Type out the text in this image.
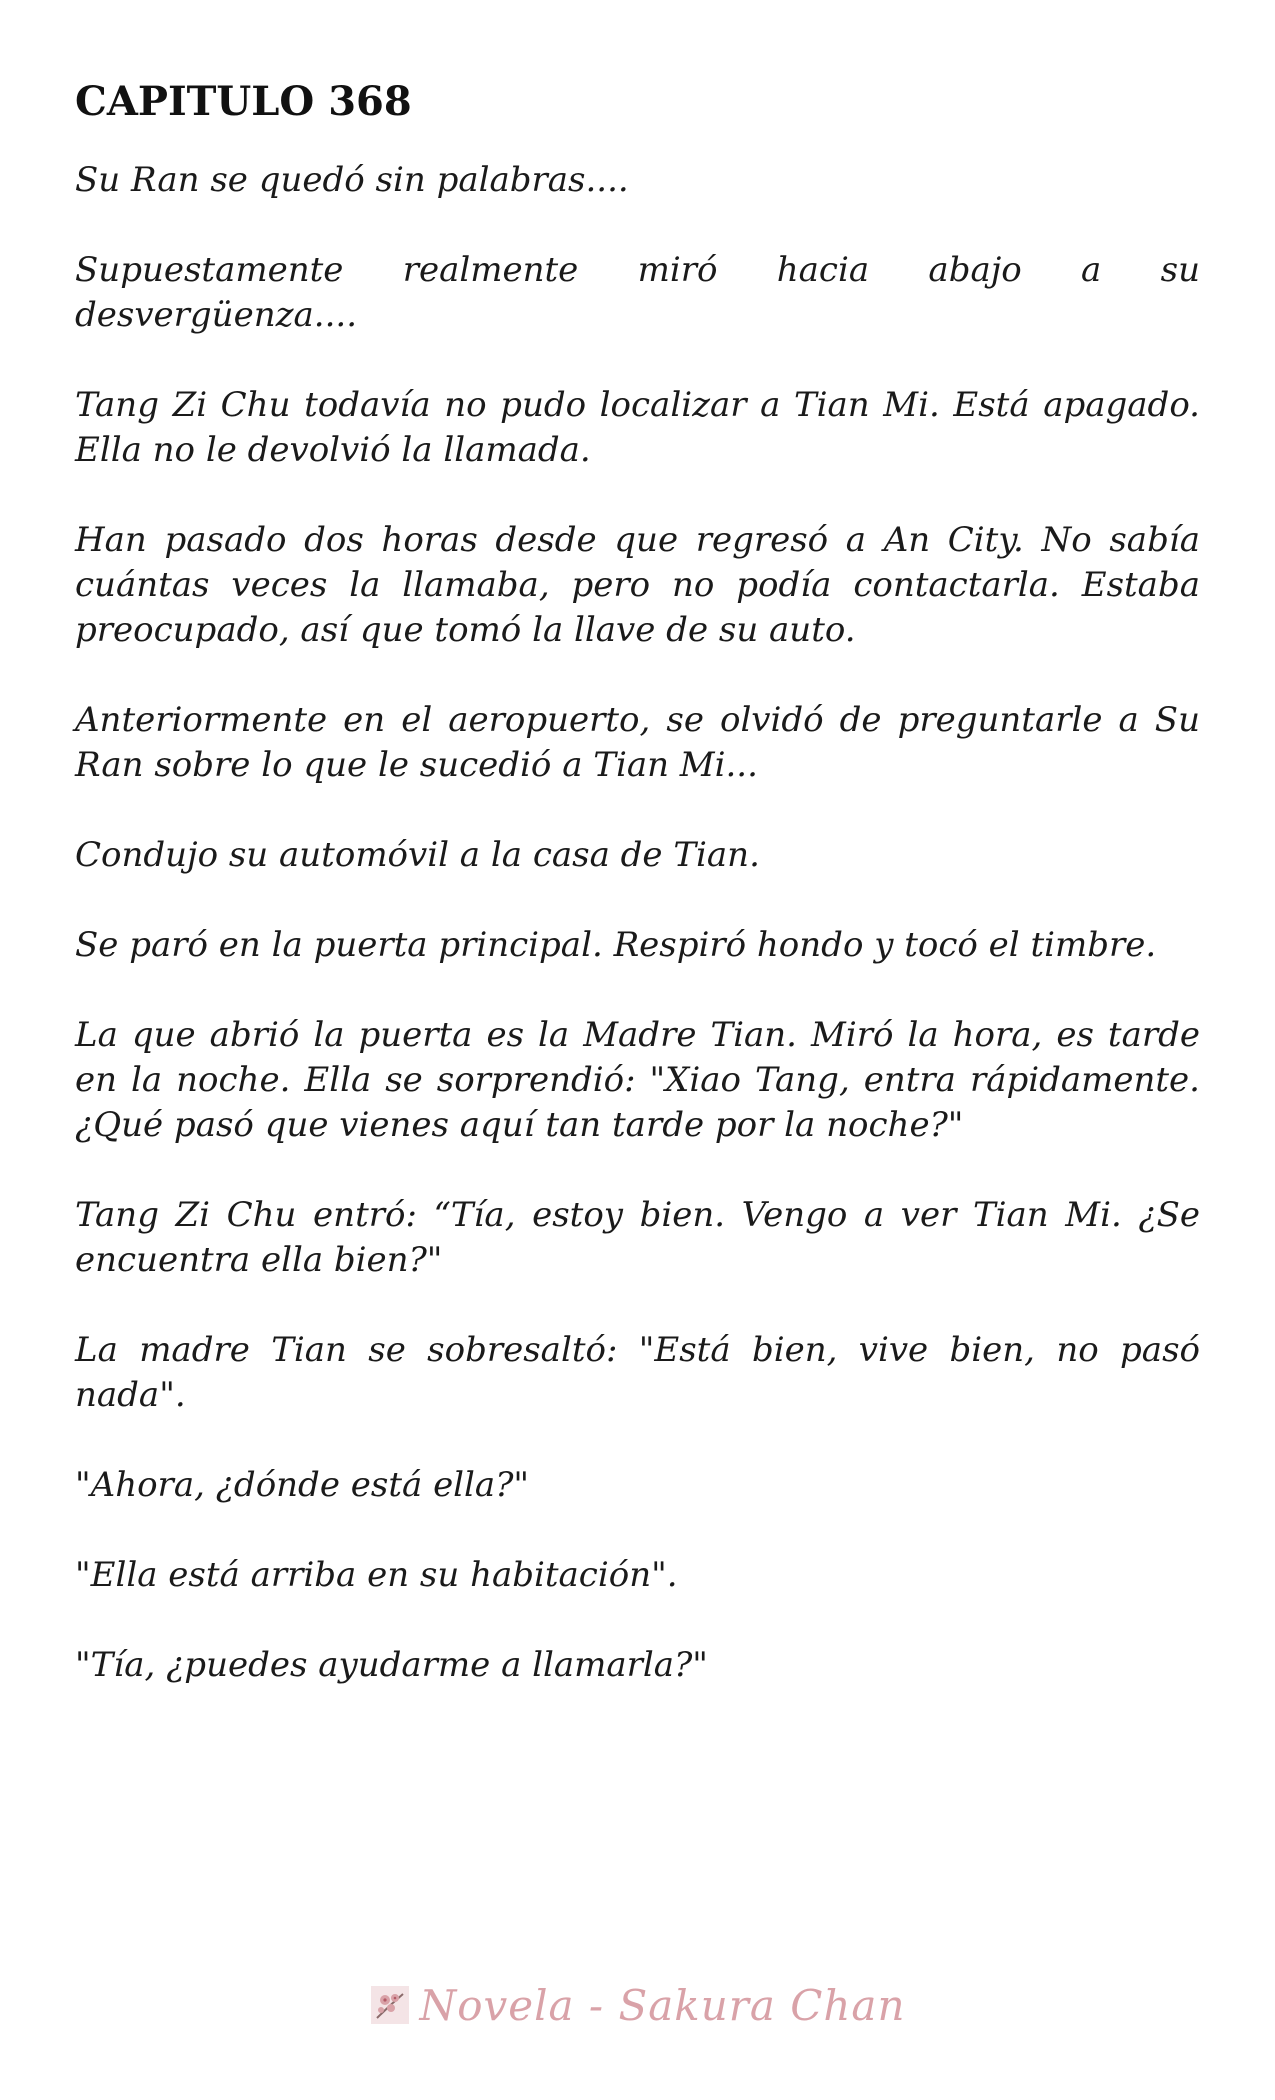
CAPITULO 368

Su Ran se quedó sin palabras....

Supuestamente realmente miró hacia abajo a su desvergüenza....

Tang Zi Chu todavía no pudo localizar a Tian Mi. Está apagado. Ella no le devolvió la llamada.

Han pasado dos horas desde que regresó a An City. No sabía cuántas veces la llamaba, pero no podía contactarla. Estaba preocupado, así que tomó la llave de su auto.

Anteriormente en el aeropuerto, se olvidó de preguntarle a Su Ran sobre lo que le sucedió a Tian Mi...

Condujo su automóvil a la casa de Tian.

Se paró en la puerta principal. Respiró hondo y tocó el timbre.

La que abrió la puerta es la Madre Tian. Miró la hora, es tarde en la noche. Ella se sorprendió: "Xiao Tang, entra rápidamente. ¿Qué pasó que vienes aquí tan tarde por la noche?"

Tang Zi Chu entró: “Tía, estoy bien. Vengo a ver Tian Mi. ¿Se encuentra ella bien?"

La madre Tian se sobresaltó: "Está bien, vive bien, no pasó nada".

"Ahora, ¿dónde está ella?"

"Ella está arriba en su habitación".

"Tía, ¿puedes ayudarme a llamarla?"

Novela - Sakura Chan
